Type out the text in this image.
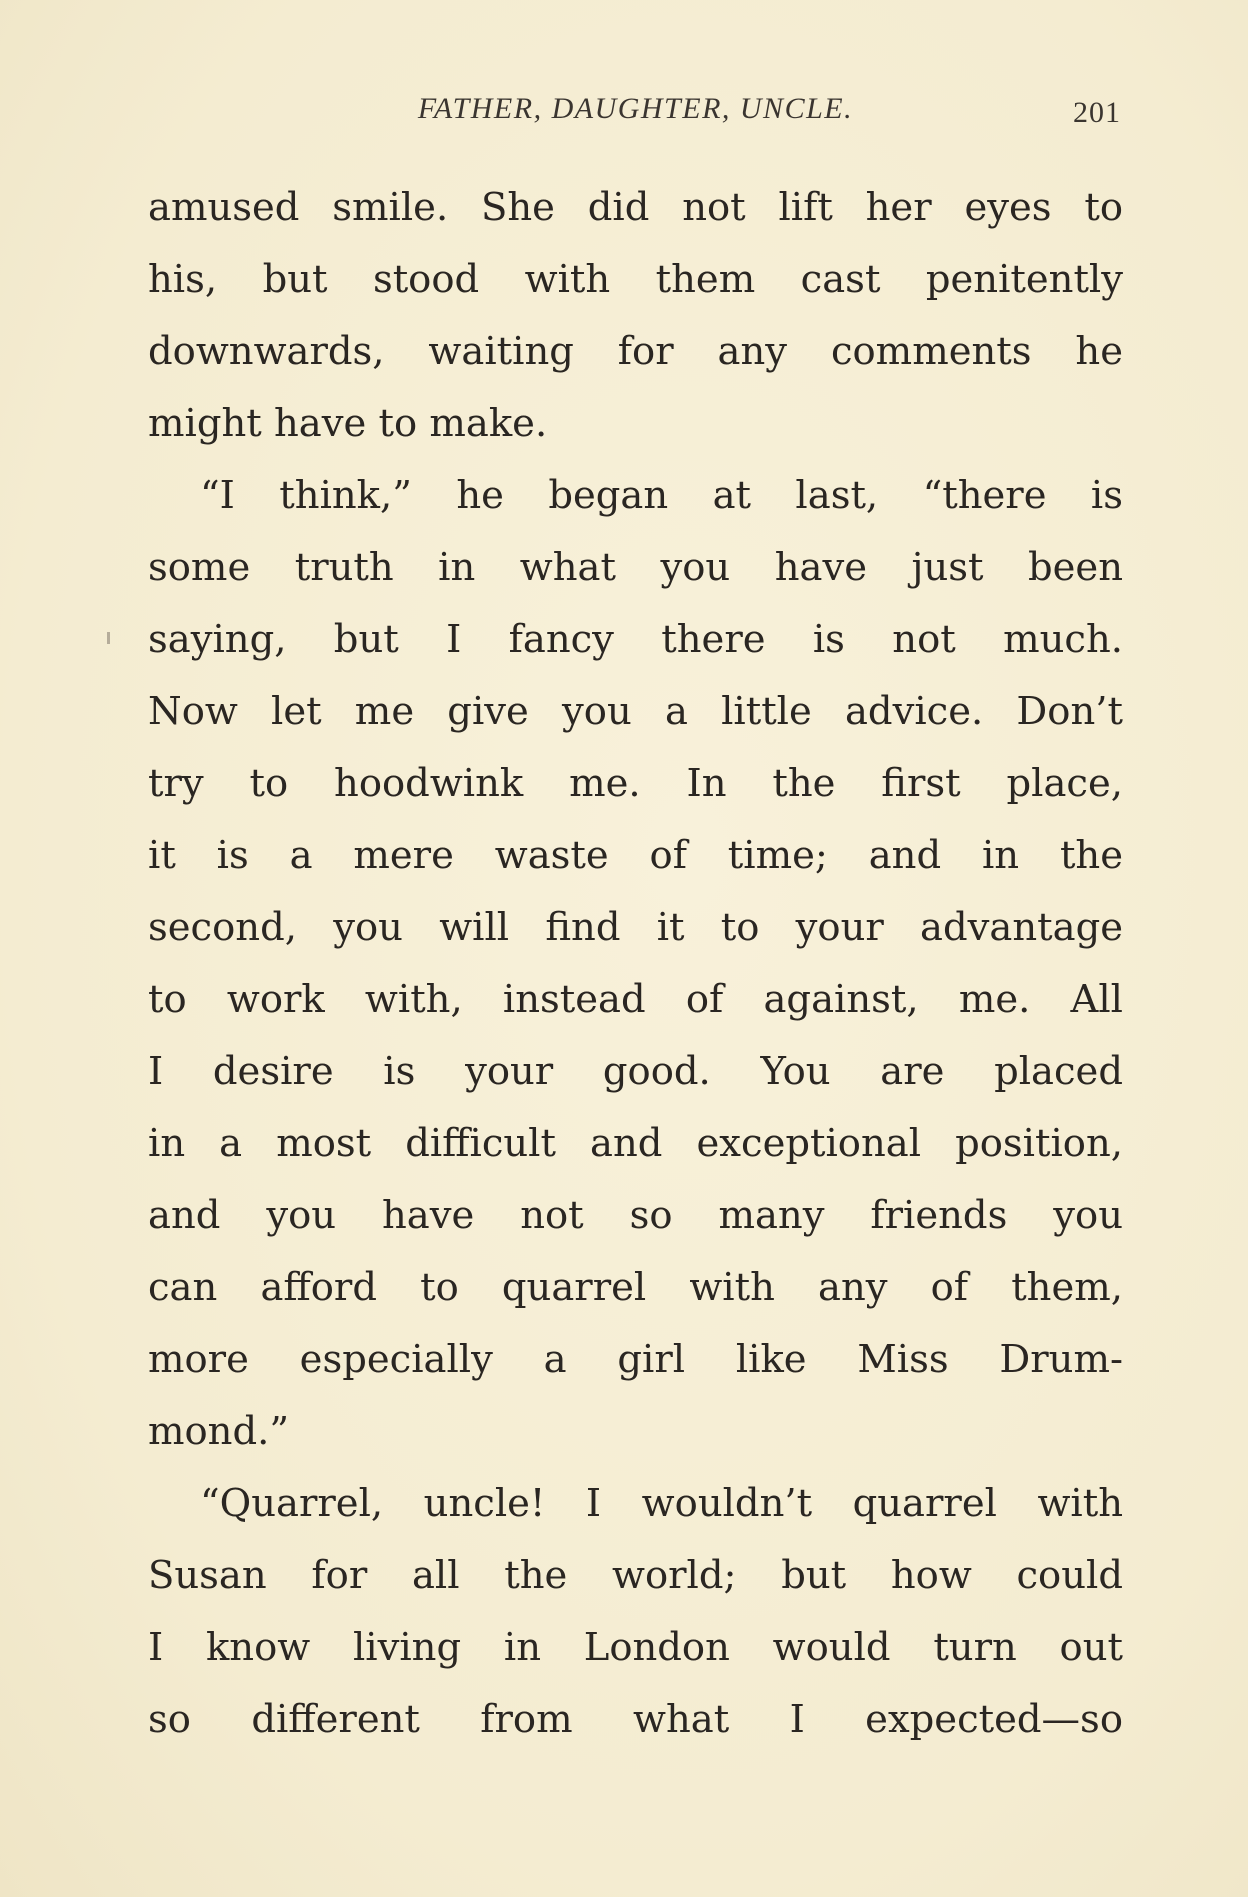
FATHER, DAUGHTER, UNCLE.	201
amused smile. She did not lift her eyes to
his, but stood with them cast penitently
downwards, waiting for any comments he
might have to make.
“I think,” he began at last, “there is
some truth in what you have just been
saying, but I fancy there is not much.
Now let me give you a little advice. Don’t
try to hoodwink me. In the first place,
it is a mere waste of time; and in the
second, you will find it to your advantage
to work with, instead of against, me. All
I desire is your good. You are placed
in a most difficult and exceptional position,
and you have not so many friends you
can afford to quarrel with any of them,
more especially a girl like Miss Drum-
mond.”
“Quarrel, uncle! I wouldn’t quarrel with
Susan for all the world; but how could
I know living in London would turn out
so different from what I expected—so
